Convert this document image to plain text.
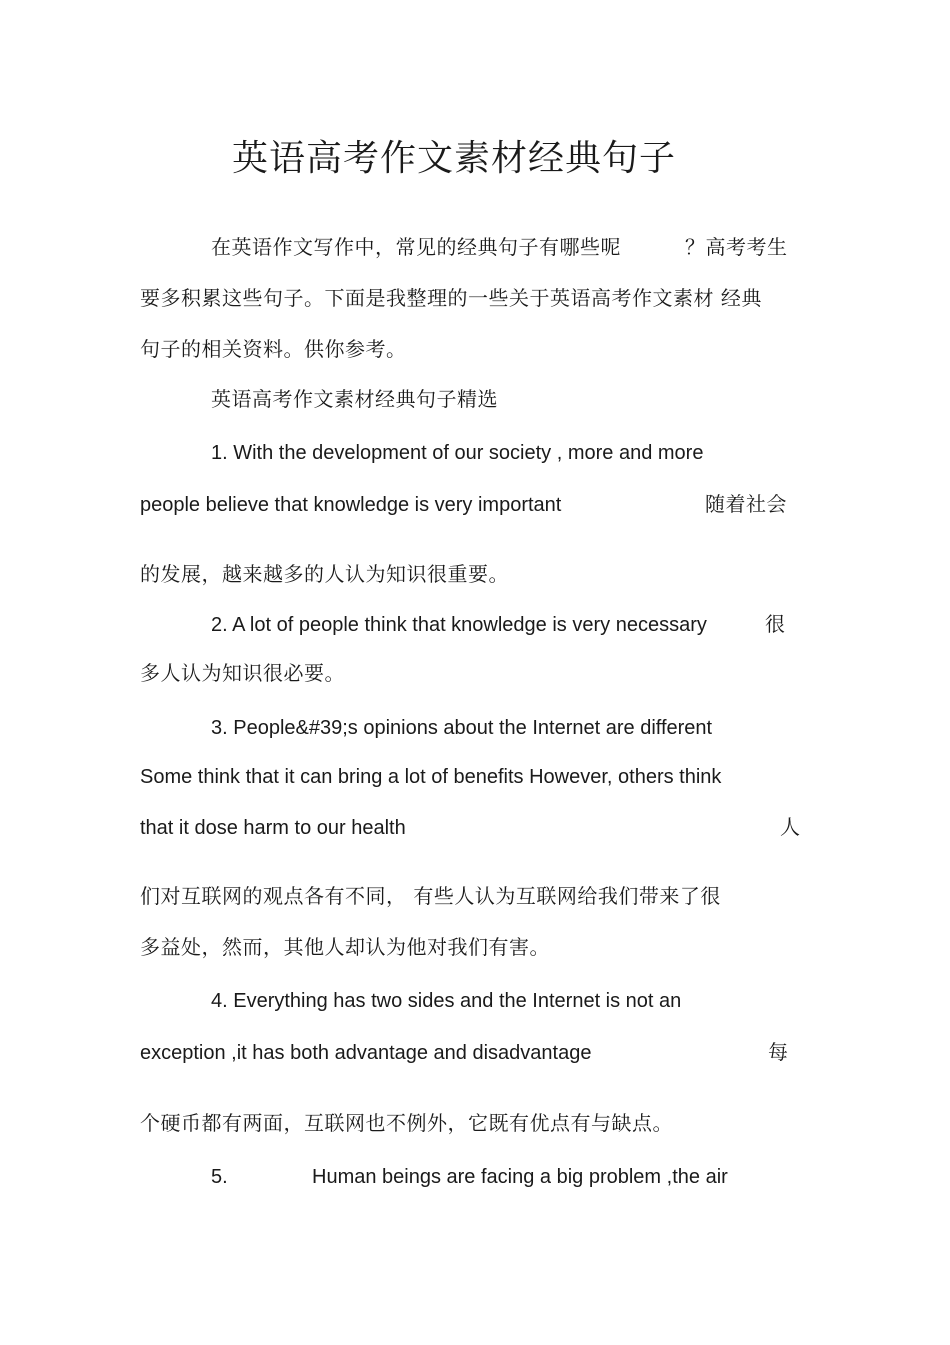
英语高考作文素材经典句子
在英语作文写作中，常见的经典句子有哪些呢	？高考考生
要多积累这些句子。下面是我整理的一些关于英语高考作文素材 经典
句子的相关资料。供你参考。
英语高考作文素材经典句子精选
1. With the development of our society , more and more
people believe that knowledge is very important	随着社会
的发展，越来越多的人认为知识很重要。
2. A lot of people think that knowledge is very necessary	很
多人认为知识很必要。
3. People&#39;s opinions about the Internet are different
Some think that it can bring a lot of benefits However, others think
that it dose harm to our health	人
们对互联网的观点各有不同， 有些人认为互联网给我们带来了很
多益处，然而，其他人却认为他对我们有害。
4. Everything has two sides and the Internet is not an
exception ,it has both advantage and disadvantage	每
个硬币都有两面，互联网也不例外，它既有优点有与缺点。
5.	Human beings are facing a big problem ,the air
